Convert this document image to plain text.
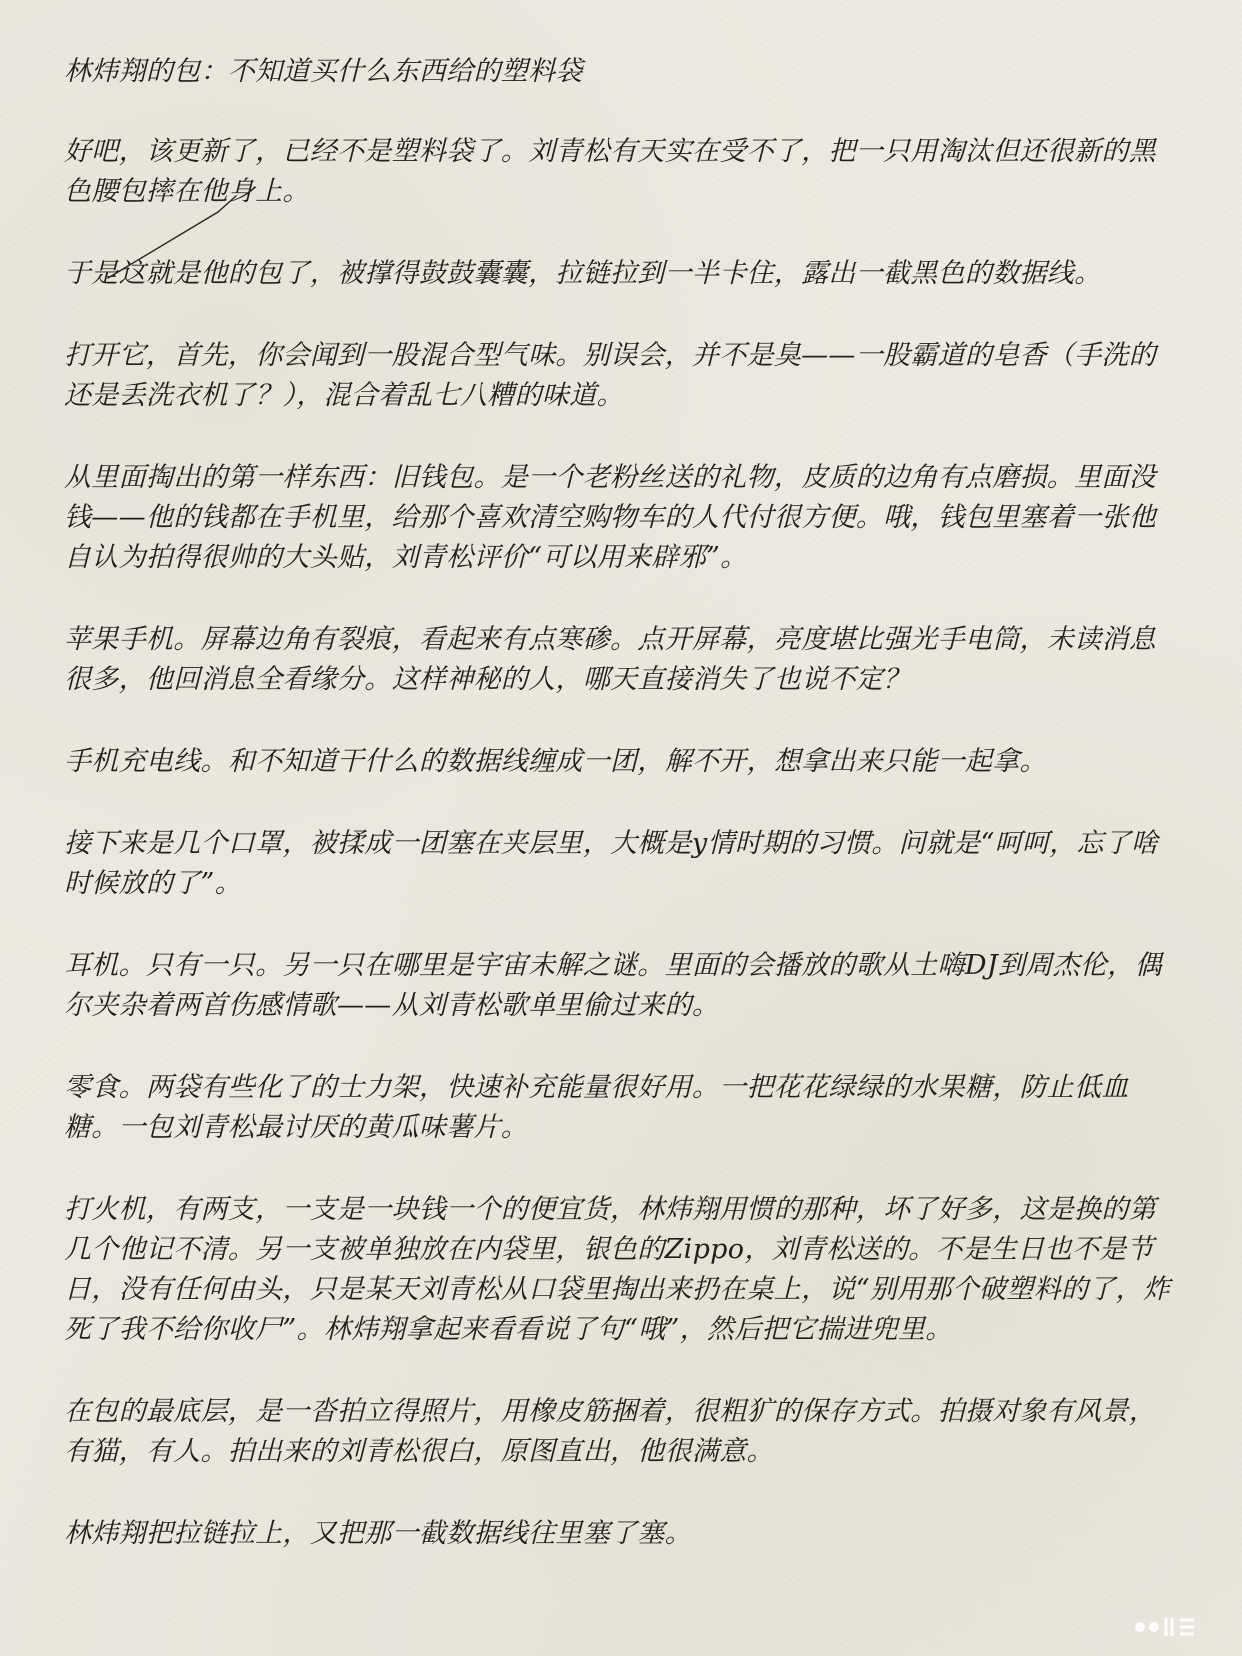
林炜翔的包：不知道买什么东西给的塑料袋

好吧，该更新了，已经不是塑料袋了。刘青松有天实在受不了，把一只用淘汰但还很新的黑色腰包摔在他身上。

于是这就是他的包了，被撑得鼓鼓囊囊，拉链拉到一半卡住，露出一截黑色的数据线。

打开它，首先，你会闻到一股混合型气味。别误会，并不是臭——一股霸道的皂香（手洗的还是丢洗衣机了？），混合着乱七八糟的味道。

从里面掏出的第一样东西：旧钱包。是一个老粉丝送的礼物，皮质的边角有点磨损。里面没钱——他的钱都在手机里，给那个喜欢清空购物车的人代付很方便。哦，钱包里塞着一张他自认为拍得很帅的大头贴，刘青松评价“可以用来辟邪”。

苹果手机。屏幕边角有裂痕，看起来有点寒碜。点开屏幕，亮度堪比强光手电筒，未读消息很多，他回消息全看缘分。这样神秘的人，哪天直接消失了也说不定？

手机充电线。和不知道干什么的数据线缠成一团，解不开，想拿出来只能一起拿。

接下来是几个口罩，被揉成一团塞在夹层里，大概是y情时期的习惯。问就是“呵呵，忘了啥时候放的了”。

耳机。只有一只。另一只在哪里是宇宙未解之谜。里面的会播放的歌从土嗨DJ到周杰伦，偶尔夹杂着两首伤感情歌——从刘青松歌单里偷过来的。

零食。两袋有些化了的士力架，快速补充能量很好用。一把花花绿绿的水果糖，防止低血糖。一包刘青松最讨厌的黄瓜味薯片。

打火机，有两支，一支是一块钱一个的便宜货，林炜翔用惯的那种，坏了好多，这是换的第几个他记不清。另一支被单独放在内袋里，银色的Zippo，刘青松送的。不是生日也不是节日，没有任何由头，只是某天刘青松从口袋里掏出来扔在桌上，说“别用那个破塑料的了，炸死了我不给你收尸”。林炜翔拿起来看看说了句“哦”，然后把它揣进兜里。

在包的最底层，是一沓拍立得照片，用橡皮筋捆着，很粗犷的保存方式。拍摄对象有风景，有猫，有人。拍出来的刘青松很白，原图直出，他很满意。

林炜翔把拉链拉上，又把那一截数据线往里塞了塞。
